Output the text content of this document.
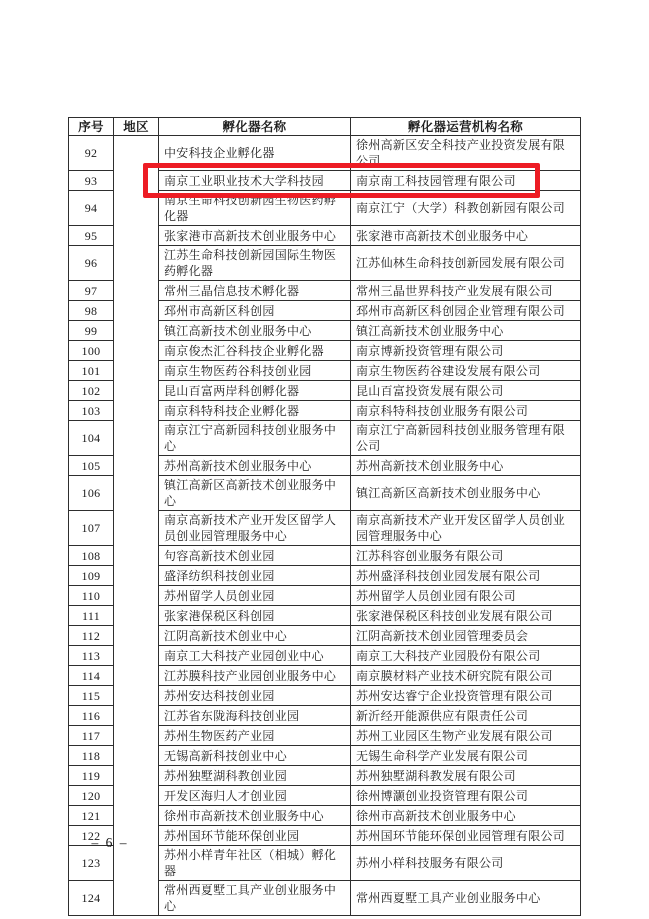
序号	地区	孵化器名称	孵化器运营机构名称
92		中安科技企业孵化器	徐州高新区安全科技产业投资发展有限公司
93		南京工业职业技术大学科技园	南京南工科技园管理有限公司
94		南京生命科技创新园生物医药孵化器	南京江宁（大学）科教创新园有限公司
95		张家港市高新技术创业服务中心	张家港市高新技术创业服务中心
96		江苏生命科技创新园国际生物医药孵化器	江苏仙林生命科技创新园发展有限公司
97		常州三晶信息技术孵化器	常州三晶世界科技产业发展有限公司
98		邳州市高新区科创园	邳州市高新区科创园企业管理有限公司
99		镇江高新技术创业服务中心	镇江高新技术创业服务中心
100		南京俊杰汇谷科技企业孵化器	南京博新投资管理有限公司
101		南京生物医药谷科技创业园	南京生物医药谷建设发展有限公司
102		昆山百富两岸科创孵化器	昆山百富投资发展有限公司
103		南京科特科技企业孵化器	南京科特科技创业服务有限公司
104		南京江宁高新园科技创业服务中心	南京江宁高新园科技创业服务管理有限公司
105		苏州高新技术创业服务中心	苏州高新技术创业服务中心
106		镇江高新区高新技术创业服务中心	镇江高新区高新技术创业服务中心
107		南京高新技术产业开发区留学人员创业园管理服务中心	南京高新技术产业开发区留学人员创业园管理服务中心
108		句容高新技术创业园	江苏科容创业服务有限公司
109		盛泽纺织科技创业园	苏州盛泽科技创业园发展有限公司
110		苏州留学人员创业园	苏州留学人员创业园有限公司
111		张家港保税区科创园	张家港保税区科技创业发展有限公司
112		江阴高新技术创业中心	江阴高新技术创业园管理委员会
113		南京工大科技产业园创业中心	南京工大科技产业园股份有限公司
114		江苏膜科技产业园创业服务中心	南京膜材料产业技术研究院有限公司
115		苏州安达科技创业园	苏州安达睿宁企业投资管理有限公司
116		江苏省东陇海科技创业园	新沂经开能源供应有限责任公司
117		苏州生物医药产业园	苏州工业园区生物产业发展有限公司
118		无锡高新科技创业中心	无锡生命科学产业发展有限公司
119		苏州独墅湖科教创业园	苏州独墅湖科教发展有限公司
120		开发区海归人才创业园	徐州博灏创业投资管理有限公司
121		徐州市高新技术创业服务中心	徐州市高新技术创业服务中心
122		苏州国环节能环保创业园	苏州国环节能环保创业园管理有限公司
123		苏州小样青年社区（相城）孵化器	苏州小样科技服务有限公司
124		常州西夏墅工具产业创业服务中心	常州西夏墅工具产业创业服务中心
– 6 –
